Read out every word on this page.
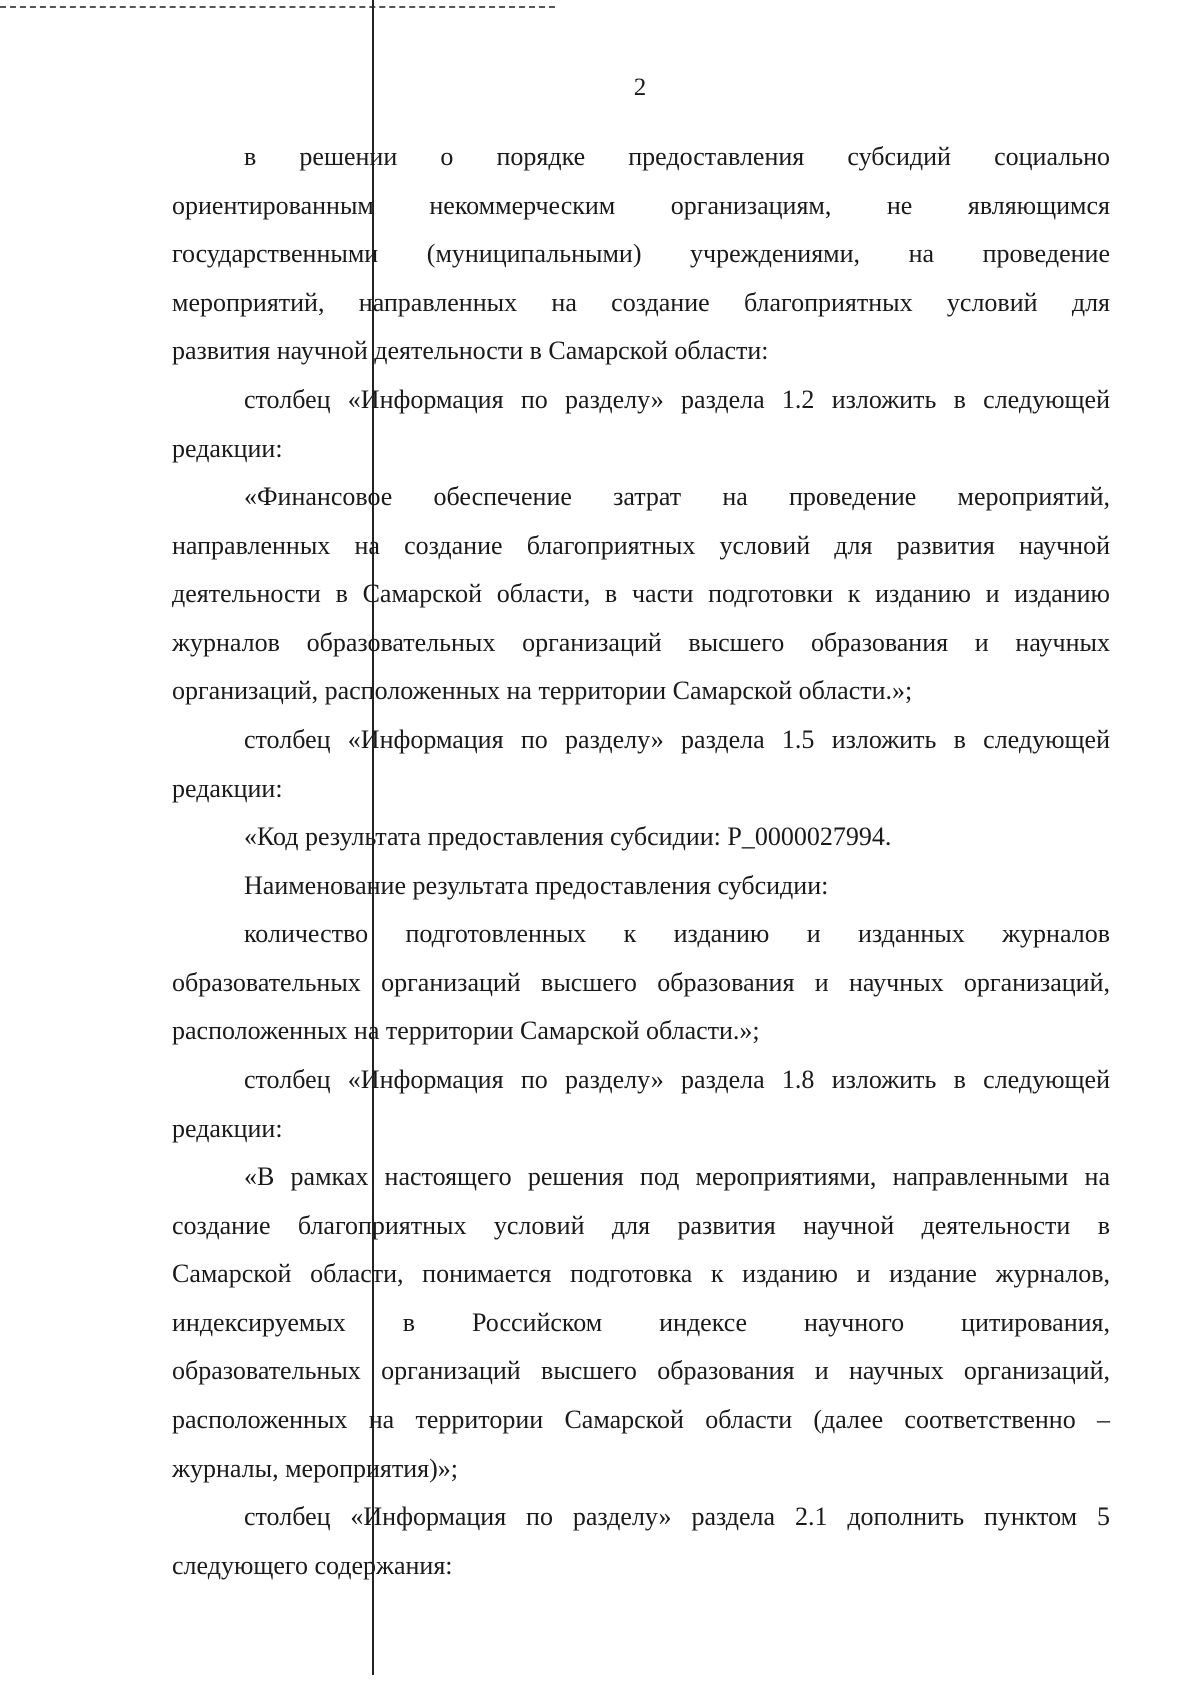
2
в решении о порядке предоставления субсидий социально
ориентированным некоммерческим организациям, не являющимся
государственными (муниципальными) учреждениями, на проведение
мероприятий, направленных на создание благоприятных условий для
развития научной деятельности в Самарской области:
столбец «Информация по разделу» раздела 1.2 изложить в следующей
редакции:
«Финансовое обеспечение затрат на проведение мероприятий,
направленных на создание благоприятных условий для развития научной
деятельности в Самарской области, в части подготовки к изданию и изданию
журналов образовательных организаций высшего образования и научных
организаций, расположенных на территории Самарской области.»;
столбец «Информация по разделу» раздела 1.5 изложить в следующей
редакции:
«Код результата предоставления субсидии: P_0000027994.
Наименование результата предоставления субсидии:
количество подготовленных к изданию и изданных журналов
образовательных организаций высшего образования и научных организаций,
расположенных на территории Самарской области.»;
столбец «Информация по разделу» раздела 1.8 изложить в следующей
редакции:
«В рамках настоящего решения под мероприятиями, направленными на
создание благоприятных условий для развития научной деятельности в
Самарской области, понимается подготовка к изданию и издание журналов,
индексируемых в Российском индексе научного цитирования,
образовательных организаций высшего образования и научных организаций,
расположенных на территории Самарской области (далее соответственно –
журналы, мероприятия)»;
столбец «Информация по разделу» раздела 2.1 дополнить пунктом 5
следующего содержания:
